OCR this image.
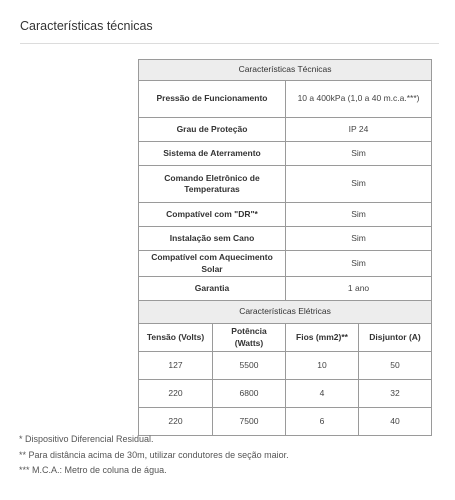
Características técnicas
Características Técnicas			
Pressão de Funcionamento		10 a 400kPa (1,0 a 40 m.c.a.***)	
Grau de Proteção		IP 24	
Sistema de Aterramento		Sim	
Comando Eletrônico de Temperaturas		Sim	
Compatível com "DR"*		Sim	
Instalação sem Cano		Sim	
Compatível com Aquecimento Solar		Sim	
Garantia		1 ano	
Características Elétricas			
Tensão (Volts)	Potência (Watts)	Fios (mm2)**	Disjuntor (A)
127	5500	10	50
220	6800	4	32
220	7500	6	40
* Dispositivo Diferencial Residual.
** Para distância acima de 30m, utilizar condutores de seção maior.
*** M.C.A.: Metro de coluna de água.
